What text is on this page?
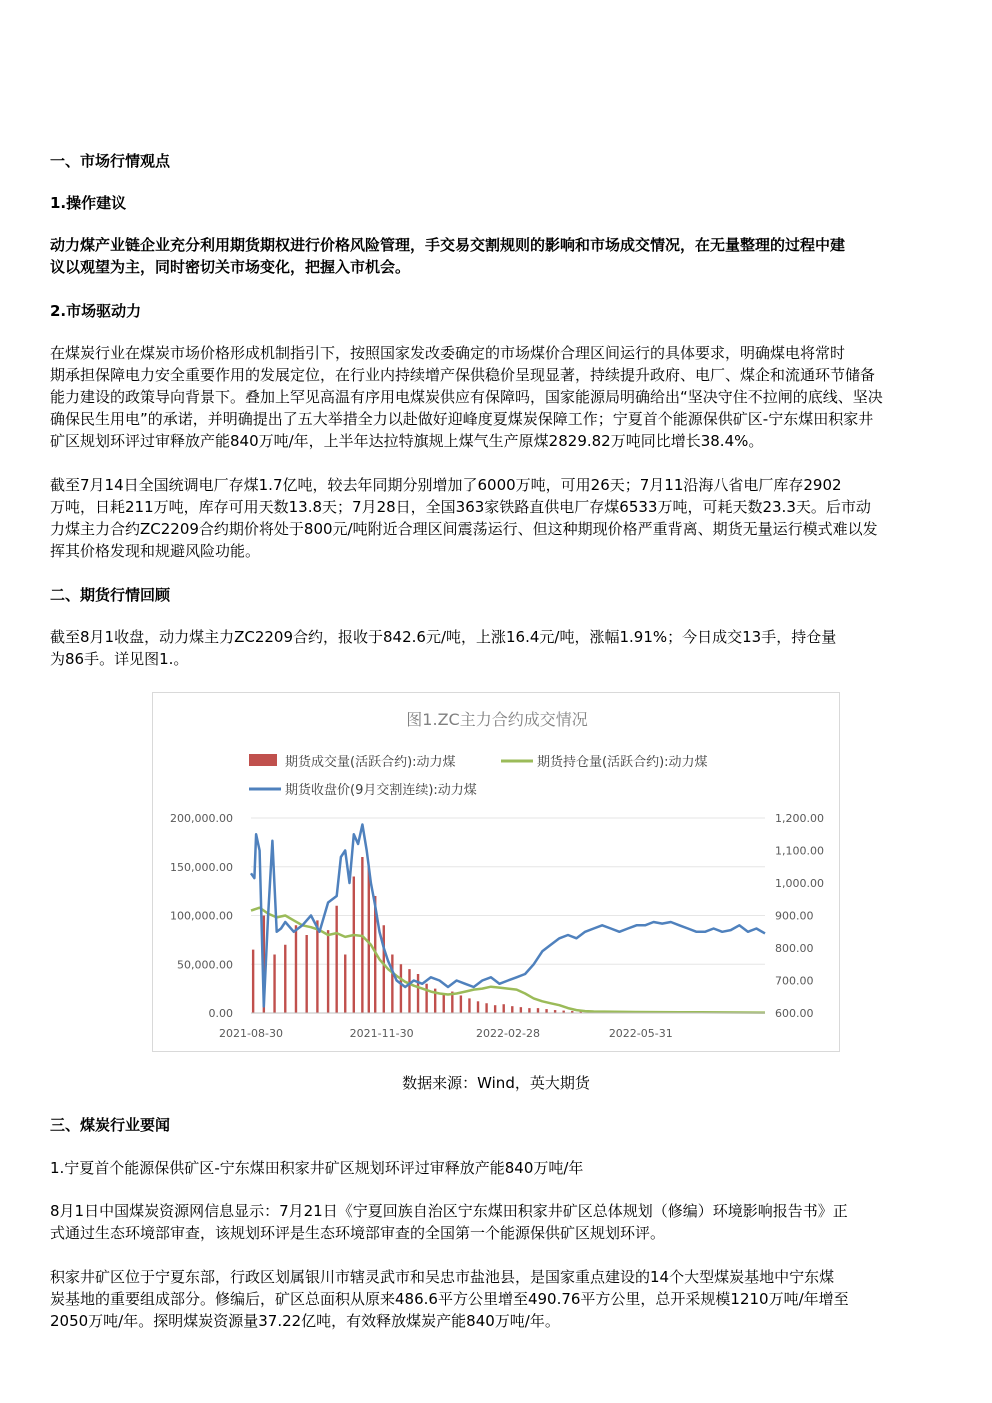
一、市场行情观点
1.操作建议
动力煤产业链企业充分利用期货期权进行价格风险管理，手交易交割规则的影响和市场成交情况，在无量整理的过程中建
议以观望为主，同时密切关市场变化，把握入市机会。
2.市场驱动力
在煤炭行业在煤炭市场价格形成机制指引下，按照国家发改委确定的市场煤价合理区间运行的具体要求，明确煤电将常时
期承担保障电力安全重要作用的发展定位，在行业内持续增产保供稳价呈现显著，持续提升政府、电厂、煤企和流通环节储备
能力建设的政策导向背景下。叠加上罕见高温有序用电煤炭供应有保障吗，国家能源局明确给出“坚决守住不拉闸的底线、坚决
确保民生用电”的承诺，并明确提出了五大举措全力以赴做好迎峰度夏煤炭保障工作；宁夏首个能源保供矿区-宁东煤田积家井
矿区规划环评过审释放产能840万吨/年，上半年达拉特旗规上煤气生产原煤2829.82万吨同比增长38.4%。
截至7月14日全国统调电厂存煤1.7亿吨，较去年同期分别增加了6000万吨，可用26天；7月11沿海八省电厂库存2902
万吨，日耗211万吨，库存可用天数13.8天；7月28日，全国363家铁路直供电厂存煤6533万吨，可耗天数23.3天。后市动
力煤主力合约ZC2209合约期价将处于800元/吨附近合理区间震荡运行、但这种期现价格严重背离、期货无量运行模式难以发
挥其价格发现和规避风险功能。
二、期货行情回顾
截至8月1收盘，动力煤主力ZC2209合约，报收于842.6元/吨，上涨16.4元/吨，涨幅1.91%；今日成交13手，持仓量
为86手。详见图1.。
图1.ZC主力合约成交情况
期货成交量(活跃合约):动力煤	期货持仓量(活跃合约):动力煤
期货收盘价(9月交割连续):动力煤
0.00
50,000.00
100,000.00
150,000.00
200,000.00
600.00
700.00
800.00
900.00
1,000.00
1,100.00
1,200.00
2021-08-30	2021-11-30	2022-02-28	2022-05-31
数据来源：Wind，英大期货
三、煤炭行业要闻
1.宁夏首个能源保供矿区-宁东煤田积家井矿区规划环评过审释放产能840万吨/年
8月1日中国煤炭资源网信息显示：7月21日《宁夏回族自治区宁东煤田积家井矿区总体规划（修编）环境影响报告书》正
式通过生态环境部审查，该规划环评是生态环境部审查的全国第一个能源保供矿区规划环评。
积家井矿区位于宁夏东部，行政区划属银川市辖灵武市和吴忠市盐池县，是国家重点建设的14个大型煤炭基地中宁东煤
炭基地的重要组成部分。修编后，矿区总面积从原来486.6平方公里增至490.76平方公里，总开采规模1210万吨/年增至
2050万吨/年。探明煤炭资源量37.22亿吨，有效释放煤炭产能840万吨/年。
